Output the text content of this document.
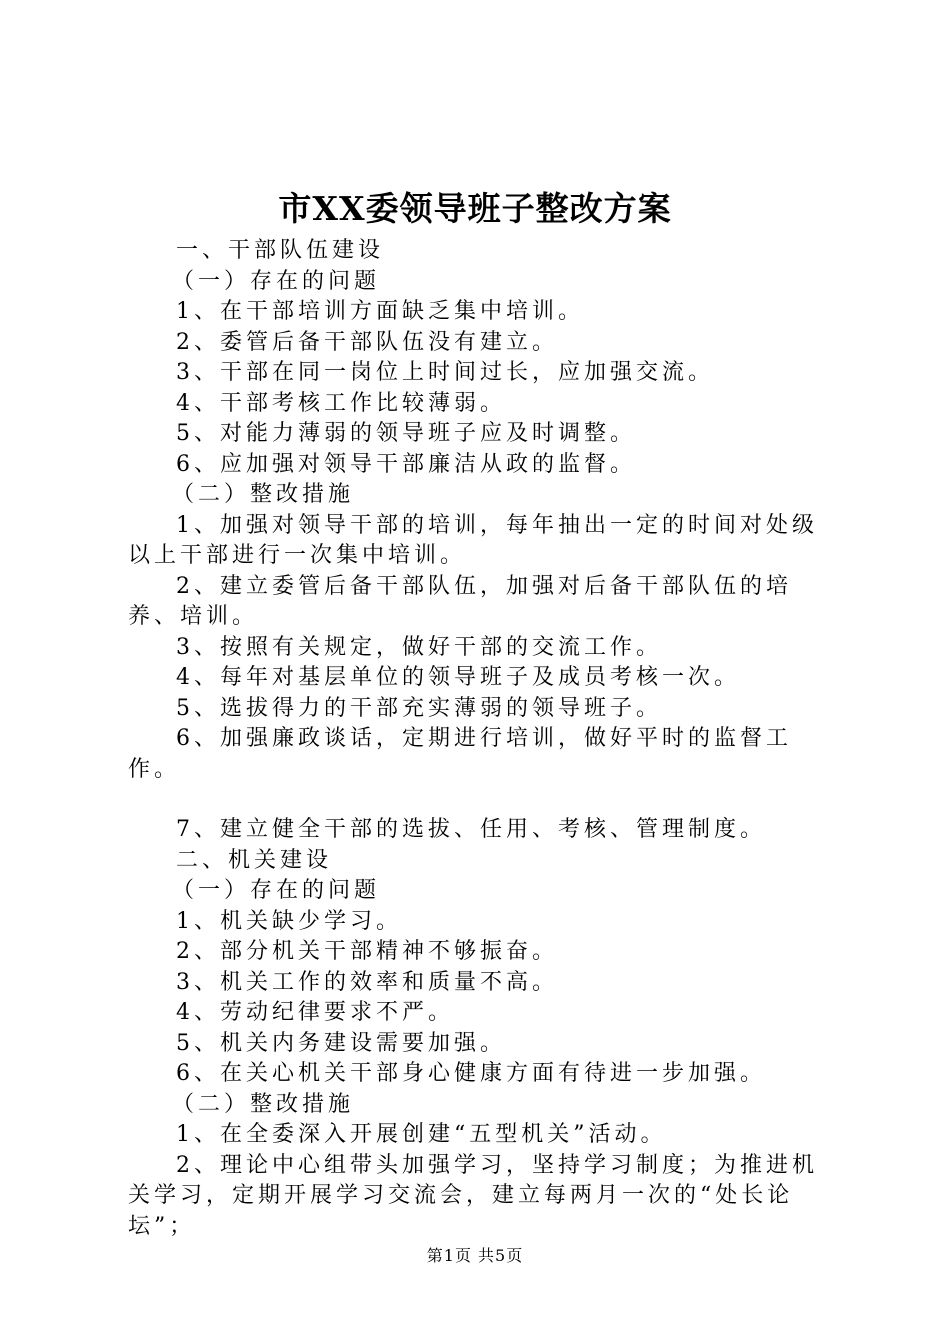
市XX委领导班子整改方案

一、干部队伍建设

（一）存在的问题

1、在干部培训方面缺乏集中培训。

2、委管后备干部队伍没有建立。

3、干部在同一岗位上时间过长，应加强交流。

4、干部考核工作比较薄弱。

5、对能力薄弱的领导班子应及时调整。

6、应加强对领导干部廉洁从政的监督。

（二）整改措施

1、加强对领导干部的培训，每年抽出一定的时间对处级以上干部进行一次集中培训。

2、建立委管后备干部队伍，加强对后备干部队伍的培养、培训。

3、按照有关规定，做好干部的交流工作。

4、每年对基层单位的领导班子及成员考核一次。

5、选拔得力的干部充实薄弱的领导班子。

6、加强廉政谈话，定期进行培训，做好平时的监督工作。

7、建立健全干部的选拔、任用、考核、管理制度。

二、机关建设

（一）存在的问题

1、机关缺少学习。

2、部分机关干部精神不够振奋。

3、机关工作的效率和质量不高。

4、劳动纪律要求不严。

5、机关内务建设需要加强。

6、在关心机关干部身心健康方面有待进一步加强。

（二）整改措施

1、在全委深入开展创建“五型机关”活动。

2、理论中心组带头加强学习，坚持学习制度；为推进机关学习，定期开展学习交流会，建立每两月一次的“处长论坛”；

第1页 共5页
